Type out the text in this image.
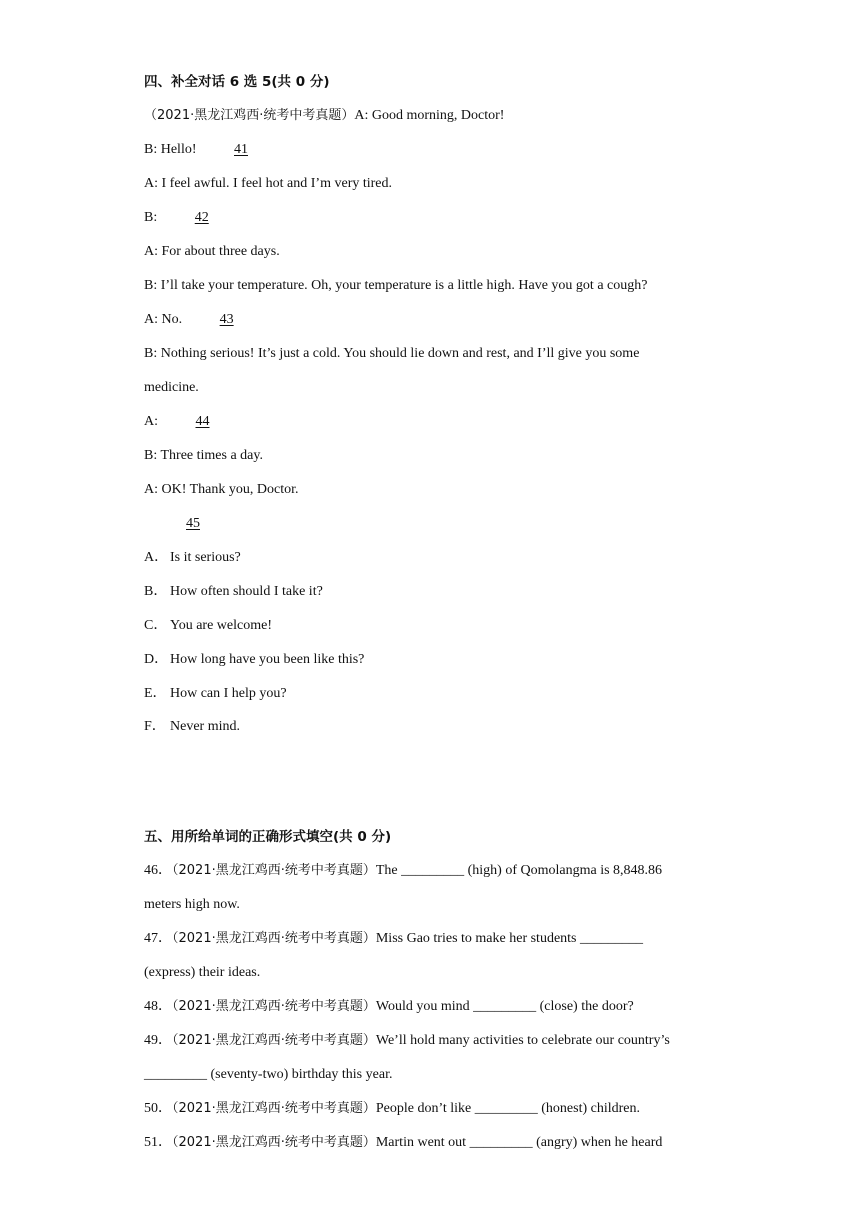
四、补全对话 6 选 5(共 0 分)
（2021·黑龙江鸡西·统考中考真题）A: Good morning, Doctor!
B: Hello!	41
A: I feel awful. I feel hot and I’m very tired.
B:	42
A: For about three days.
B: I’ll take your temperature. Oh, your temperature is a little high. Have you got a cough?
A: No.	43
B: Nothing serious! It’s just a cold. You should lie down and rest, and I’ll give you some
medicine.
A:	44
B: Three times a day.
A: OK! Thank you, Doctor.
45
A． Is it serious?
B． How often should I take it?
C． You are welcome!
D． How long have you been like this?
E． How can I help you?
F． Never mind.
五、用所给单词的正确形式填空(共 0 分)
46．（2021·黑龙江鸡西·统考中考真题）The _________ (high) of Qomolangma is 8,848.86
meters high now.
47．（2021·黑龙江鸡西·统考中考真题）Miss Gao tries to make her students _________
(express) their ideas.
48．（2021·黑龙江鸡西·统考中考真题）Would you mind _________ (close) the door?
49．（2021·黑龙江鸡西·统考中考真题）We’ll hold many activities to celebrate our country’s
_________ (seventy-two) birthday this year.
50．（2021·黑龙江鸡西·统考中考真题）People don’t like _________ (honest) children.
51．（2021·黑龙江鸡西·统考中考真题）Martin went out _________ (angry) when he heard
